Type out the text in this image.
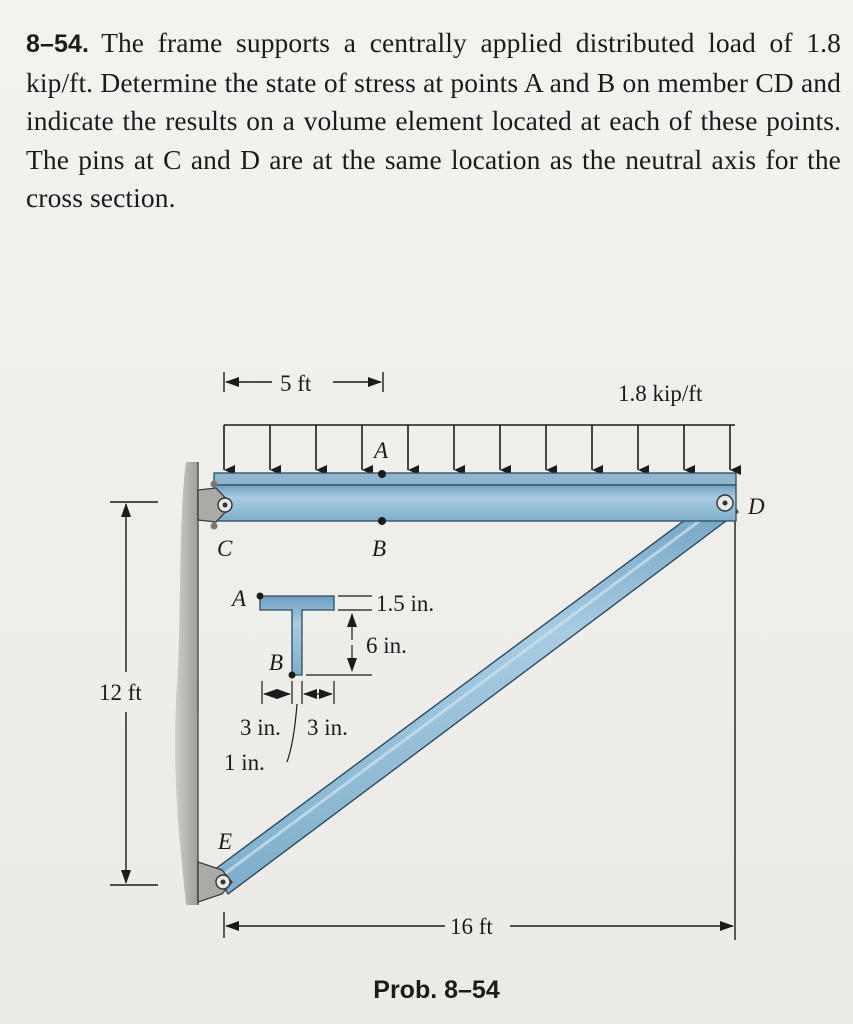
8–54. The frame supports a centrally applied distributed load of 1.8 kip/ft. Determine the state of stress at points A and B on member CD and indicate the results on a volume element located at each of these points. The pins at C and D are at the same location as the neutral axis for the cross section.
5 ft	1.8 kip/ft
16 ft
12 ft
A
B
C
D
E
A
B
1.5 in.
6 in.
3 in. 3 in.
1 in.
Prob. 8–54
